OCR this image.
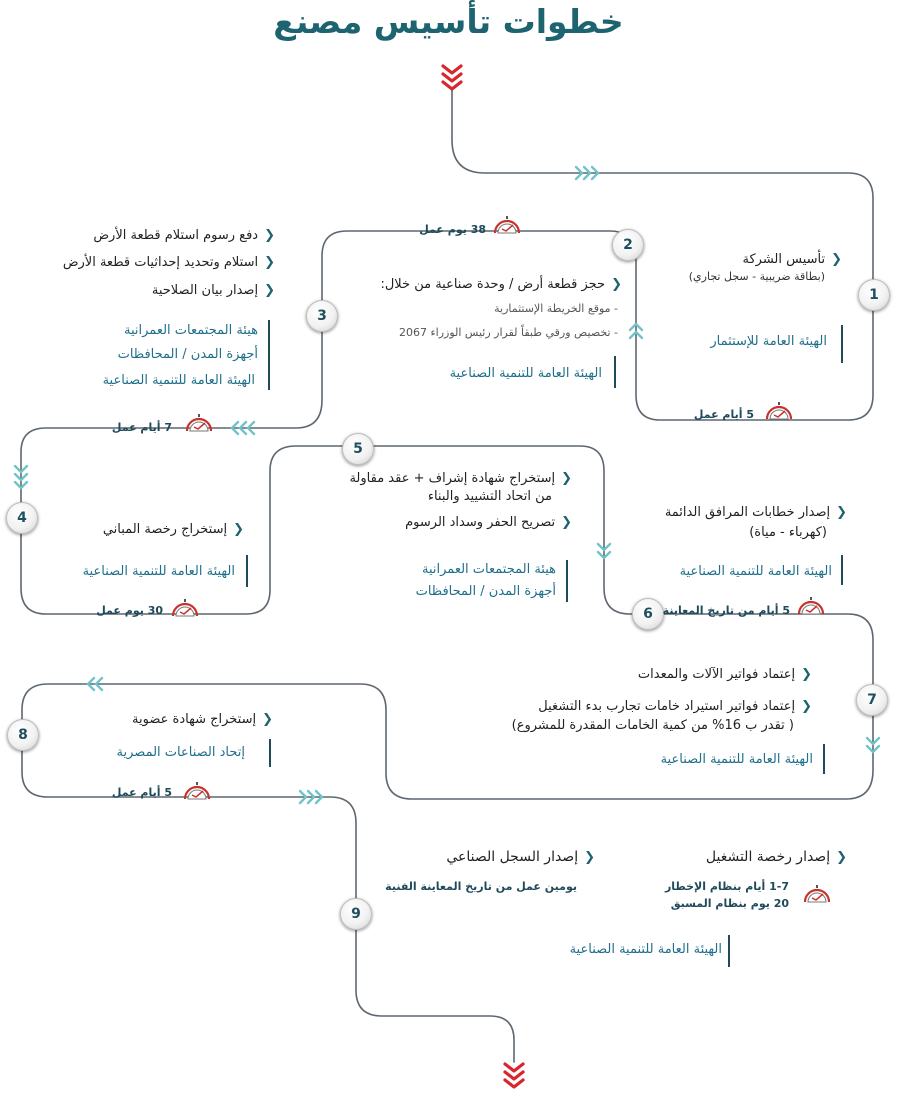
خطوات تأسيس مصنع
1
❮تأسيس الشركة
(بطاقة ضريبية - سجل تجاري)
الهيئة العامة للإستثمار
5 أيام عمل
2
38 يوم عمل
❮حجز قطعة أرض / وحدة صناعية من خلال:
- موقع الخريطة الإستثمارية
- تخصيص ورقي طبقاً لقرار رئيس الوزراء 2067
الهيئة العامة للتنمية الصناعية
3
❮دفع رسوم استلام قطعة الأرض
❮استلام وتحديد إحداثيات قطعة الأرض
❮إصدار بيان الصلاحية
هيئة المجتمعات العمرانية
أجهزة المدن / المحافظات
الهيئة العامة للتنمية الصناعية
7 أيام عمل
4
❮إستخراج رخصة المباني
الهيئة العامة للتنمية الصناعية
30 يوم عمل
5
❮إستخراج شهادة إشراف + عقد مقاولة
من اتحاد التشييد والبناء
❮تصريح الحفر وسداد الرسوم
هيئة المجتمعات العمرانية
أجهزة المدن / المحافظات
6
❮إصدار خطابات المرافق الدائمة
(كهرباء - مياة)
الهيئة العامة للتنمية الصناعية
5 أيام من تاريخ المعاينة
7
❮إعتماد فواتير الآلات والمعدات
❮إعتماد فواتير استيراد خامات تجارب بدء التشغيل
( تقدر ب 16% من كمية الخامات المقدرة للمشروع)
الهيئة العامة للتنمية الصناعية
8
❮إستخراج شهادة عضوية
إتحاد الصناعات المصرية
5 أيام عمل
9
❮إصدار رخصة التشغيل
❮إصدار السجل الصناعي
1-7 أيام بنظام الإخطار
20 يوم بنظام المسبق
يومين عمل من تاريخ المعاينة الفنية
الهيئة العامة للتنمية الصناعية
